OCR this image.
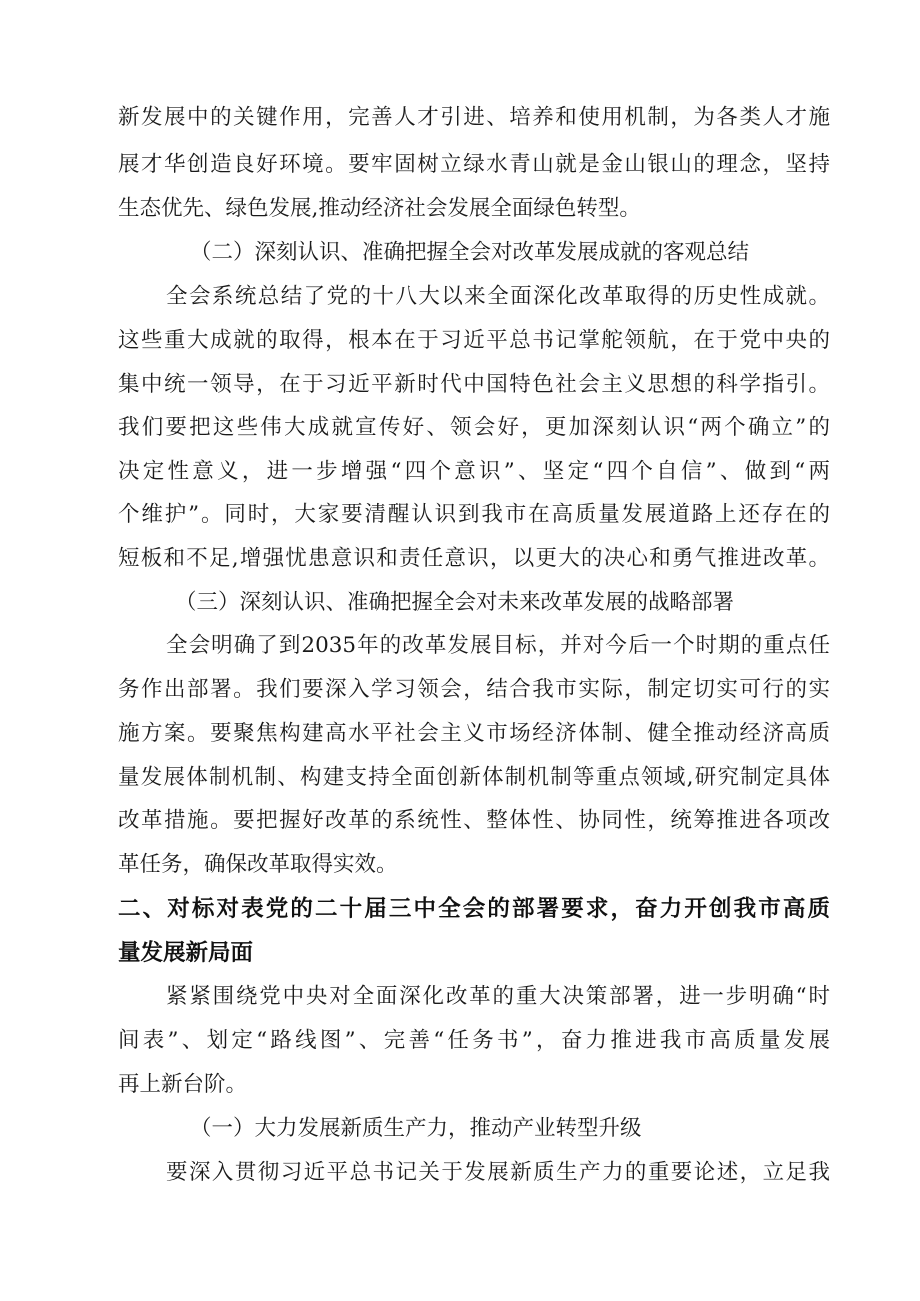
新发展中的关键作用，完善人才引进、培养和使用机制，为各类人才施
展才华创造良好环境。要牢固树立绿水青山就是金山银山的理念，坚持
生态优先、绿色发展,推动经济社会发展全面绿色转型。
（二）深刻认识、准确把握全会对改革发展成就的客观总结
全会系统总结了党的十八大以来全面深化改革取得的历史性成就。
这些重大成就的取得，根本在于习近平总书记掌舵领航，在于党中央的
集中统一领导，在于习近平新时代中国特色社会主义思想的科学指引。
我们要把这些伟大成就宣传好、领会好，更加深刻认识“两个确立”的
决定性意义，进一步增强“四个意识”、坚定“四个自信”、做到“两
个维护”。同时，大家要清醒认识到我市在高质量发展道路上还存在的
短板和不足,增强忧患意识和责任意识，以更大的决心和勇气推进改革。
（三）深刻认识、准确把握全会对未来改革发展的战略部署
全会明确了到2035年的改革发展目标，并对今后一个时期的重点任
务作出部署。我们要深入学习领会，结合我市实际，制定切实可行的实
施方案。要聚焦构建高水平社会主义市场经济体制、健全推动经济高质
量发展体制机制、构建支持全面创新体制机制等重点领域,研究制定具体
改革措施。要把握好改革的系统性、整体性、协同性，统筹推进各项改
革任务，确保改革取得实效。
二、对标对表党的二十届三中全会的部署要求，奋力开创我市高质
量发展新局面
紧紧围绕党中央对全面深化改革的重大决策部署，进一步明确“时
间表”、划定“路线图”、完善“任务书”，奋力推进我市高质量发展
再上新台阶。
（一）大力发展新质生产力，推动产业转型升级
要深入贯彻习近平总书记关于发展新质生产力的重要论述，立足我
